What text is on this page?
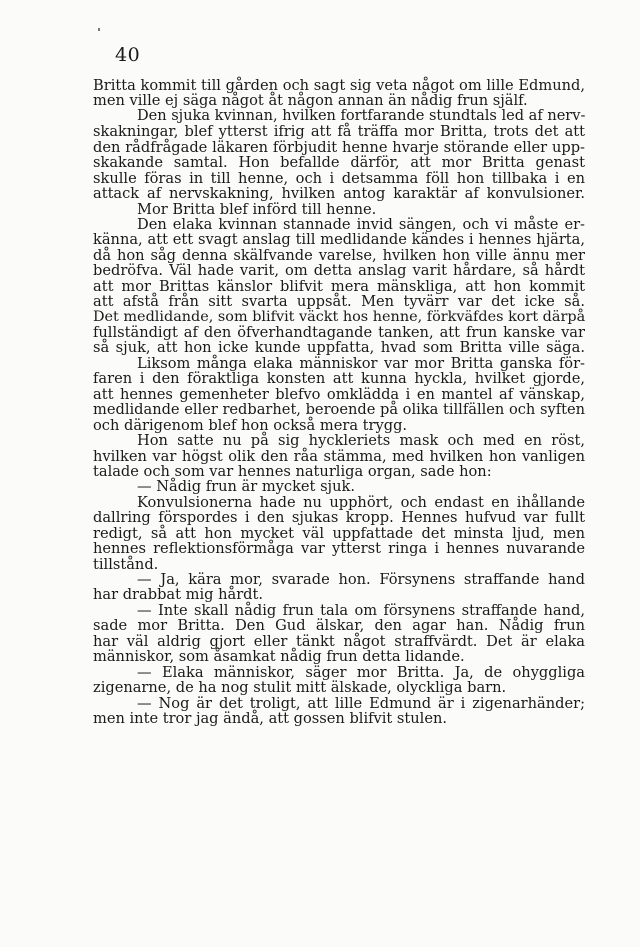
40
Britta kommit till gården och sagt sig veta något om lille Edmund,
men ville ej säga något åt någon annan än nådig frun själf.
Den sjuka kvinnan, hvilken fortfarande stundtals led af nerv-
skakningar, blef ytterst ifrig att få träffa mor Britta, trots det att
den rådfrågade läkaren förbjudit henne hvarje störande eller upp-
skakande samtal. Hon befallde därför, att mor Britta genast
skulle föras in till henne, och i detsamma föll hon tillbaka i en
attack af nervskakning, hvilken antog karaktär af konvulsioner.
Mor Britta blef införd till henne.
Den elaka kvinnan stannade invid sängen, och vi måste er-
känna, att ett svagt anslag till medlidande kändes i hennes hjärta,
då hon såg denna skälfvande varelse, hvilken hon ville ännu mer
bedröfva. Väl hade varit, om detta anslag varit hårdare, så hårdt
att mor Brittas känslor blifvit mera mänskliga, att hon kommit
att afstå från sitt svarta uppsåt. Men tyvärr var det icke så.
Det medlidande, som blifvit väckt hos henne, förkväfdes kort därpå
fullständigt af den öfverhandtagande tanken, att frun kanske var
så sjuk, att hon icke kunde uppfatta, hvad som Britta ville säga.
Liksom många elaka människor var mor Britta ganska för-
faren i den föraktliga konsten att kunna hyckla, hvilket gjorde,
att hennes gemenheter blefvo omklädda i en mantel af vänskap,
medlidande eller redbarhet, beroende på olika tillfällen och syften
och därigenom blef hon också mera trygg.
Hon satte nu på sig hyckleriets mask och med en röst,
hvilken var högst olik den råa stämma, med hvilken hon vanligen
talade och som var hennes naturliga organ, sade hon:
— Nådig frun är mycket sjuk.
Konvulsionerna hade nu upphört, och endast en ihållande
dallring förspordes i den sjukas kropp. Hennes hufvud var fullt
redigt, så att hon mycket väl uppfattade det minsta ljud, men
hennes reflektionsförmåga var ytterst ringa i hennes nuvarande
tillstånd.
— Ja, kära mor, svarade hon. Försynens straffande hand
har drabbat mig hårdt.
— Inte skall nådig frun tala om försynens straffande hand,
sade mor Britta. Den Gud älskar, den agar han. Nådig frun
har väl aldrig gjort eller tänkt något straffvärdt. Det är elaka
människor, som åsamkat nådig frun detta lidande.
— Elaka människor, säger mor Britta. Ja, de ohyggliga
zigenarne, de ha nog stulit mitt älskade, olyckliga barn.
— Nog är det troligt, att lille Edmund är i zigenarhänder;
men inte tror jag ändå, att gossen blifvit stulen.
